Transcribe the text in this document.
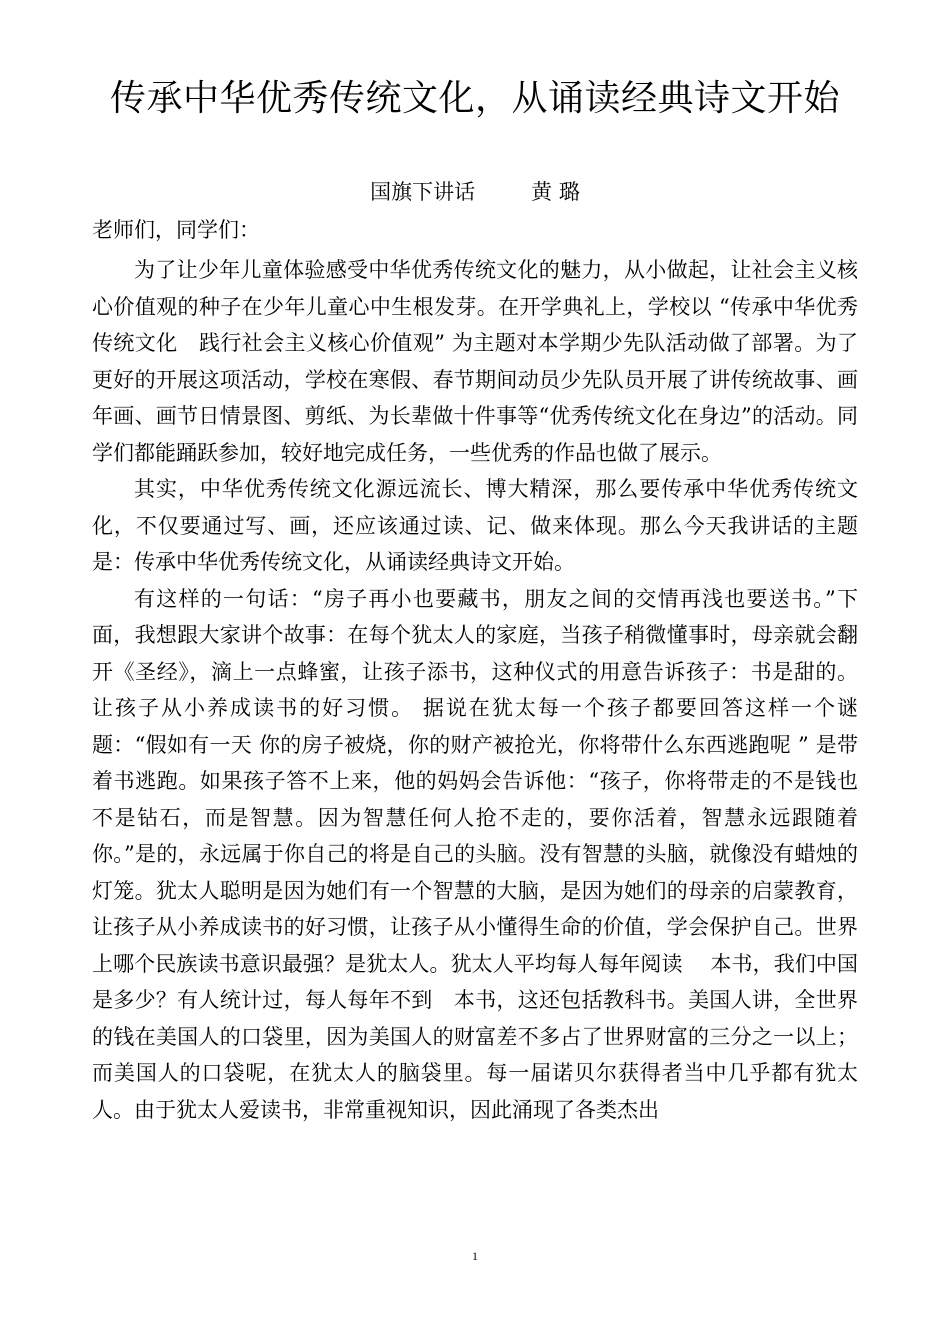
传承中华优秀传统文化，从诵读经典诗文开始
国旗下讲话	黄 璐
老师们，同学们：

为了让少年儿童体验感受中华优秀传统文化的魅力，从小做起，让社会主义核心价值观的种子在少年儿童心中生根发芽。在开学典礼上，学校以 “传承中华优秀传统文化　践行社会主义核心价值观” 为主题对本学期少先队活动做了部署。为了更好的开展这项活动，学校在寒假、春节期间动员少先队员开展了讲传统故事、画年画、画节日情景图、剪纸、为长辈做十件事等“优秀传统文化在身边”的活动。同学们都能踊跃参加，较好地完成任务，一些优秀的作品也做了展示。

其实，中华优秀传统文化源远流长、博大精深，那么要传承中华优秀传统文化，不仅要通过写、画，还应该通过读、记、做来体现。那么今天我讲话的主题是：传承中华优秀传统文化，从诵读经典诗文开始。

有这样的一句话：“房子再小也要藏书，朋友之间的交情再浅也要送书。”下面，我想跟大家讲个故事：在每个犹太人的家庭，当孩子稍微懂事时，母亲就会翻开《圣经》，滴上一点蜂蜜，让孩子添书，这种仪式的用意告诉孩子：书是甜的。让孩子从小养成读书的好习惯。 据说在犹太每一个孩子都要回答这样一个谜题：“假如有一天 你的房子被烧，你的财产被抢光，你将带什么东西逃跑呢 ” 是带着书逃跑。如果孩子答不上来，他的妈妈会告诉他：“孩子，你将带走的不是钱也不是钻石，而是智慧。因为智慧任何人抢不走的，要你活着，智慧永远跟随着你。”是的，永远属于你自己的将是自己的头脑。没有智慧的头脑，就像没有蜡烛的灯笼。犹太人聪明是因为她们有一个智慧的大脑，是因为她们的母亲的启蒙教育，让孩子从小养成读书的好习惯，让孩子从小懂得生命的价值，学会保护自己。世界上哪个民族读书意识最强？是犹太人。犹太人平均每人每年阅读　 本书，我们中国是多少？有人统计过，每人每年不到　本书，这还包括教科书。美国人讲，全世界的钱在美国人的口袋里，因为美国人的财富差不多占了世界财富的三分之一以上；而美国人的口袋呢，在犹太人的脑袋里。每一届诺贝尔获得者当中几乎都有犹太人。由于犹太人爱读书，非常重视知识，因此涌现了各类杰出

1
